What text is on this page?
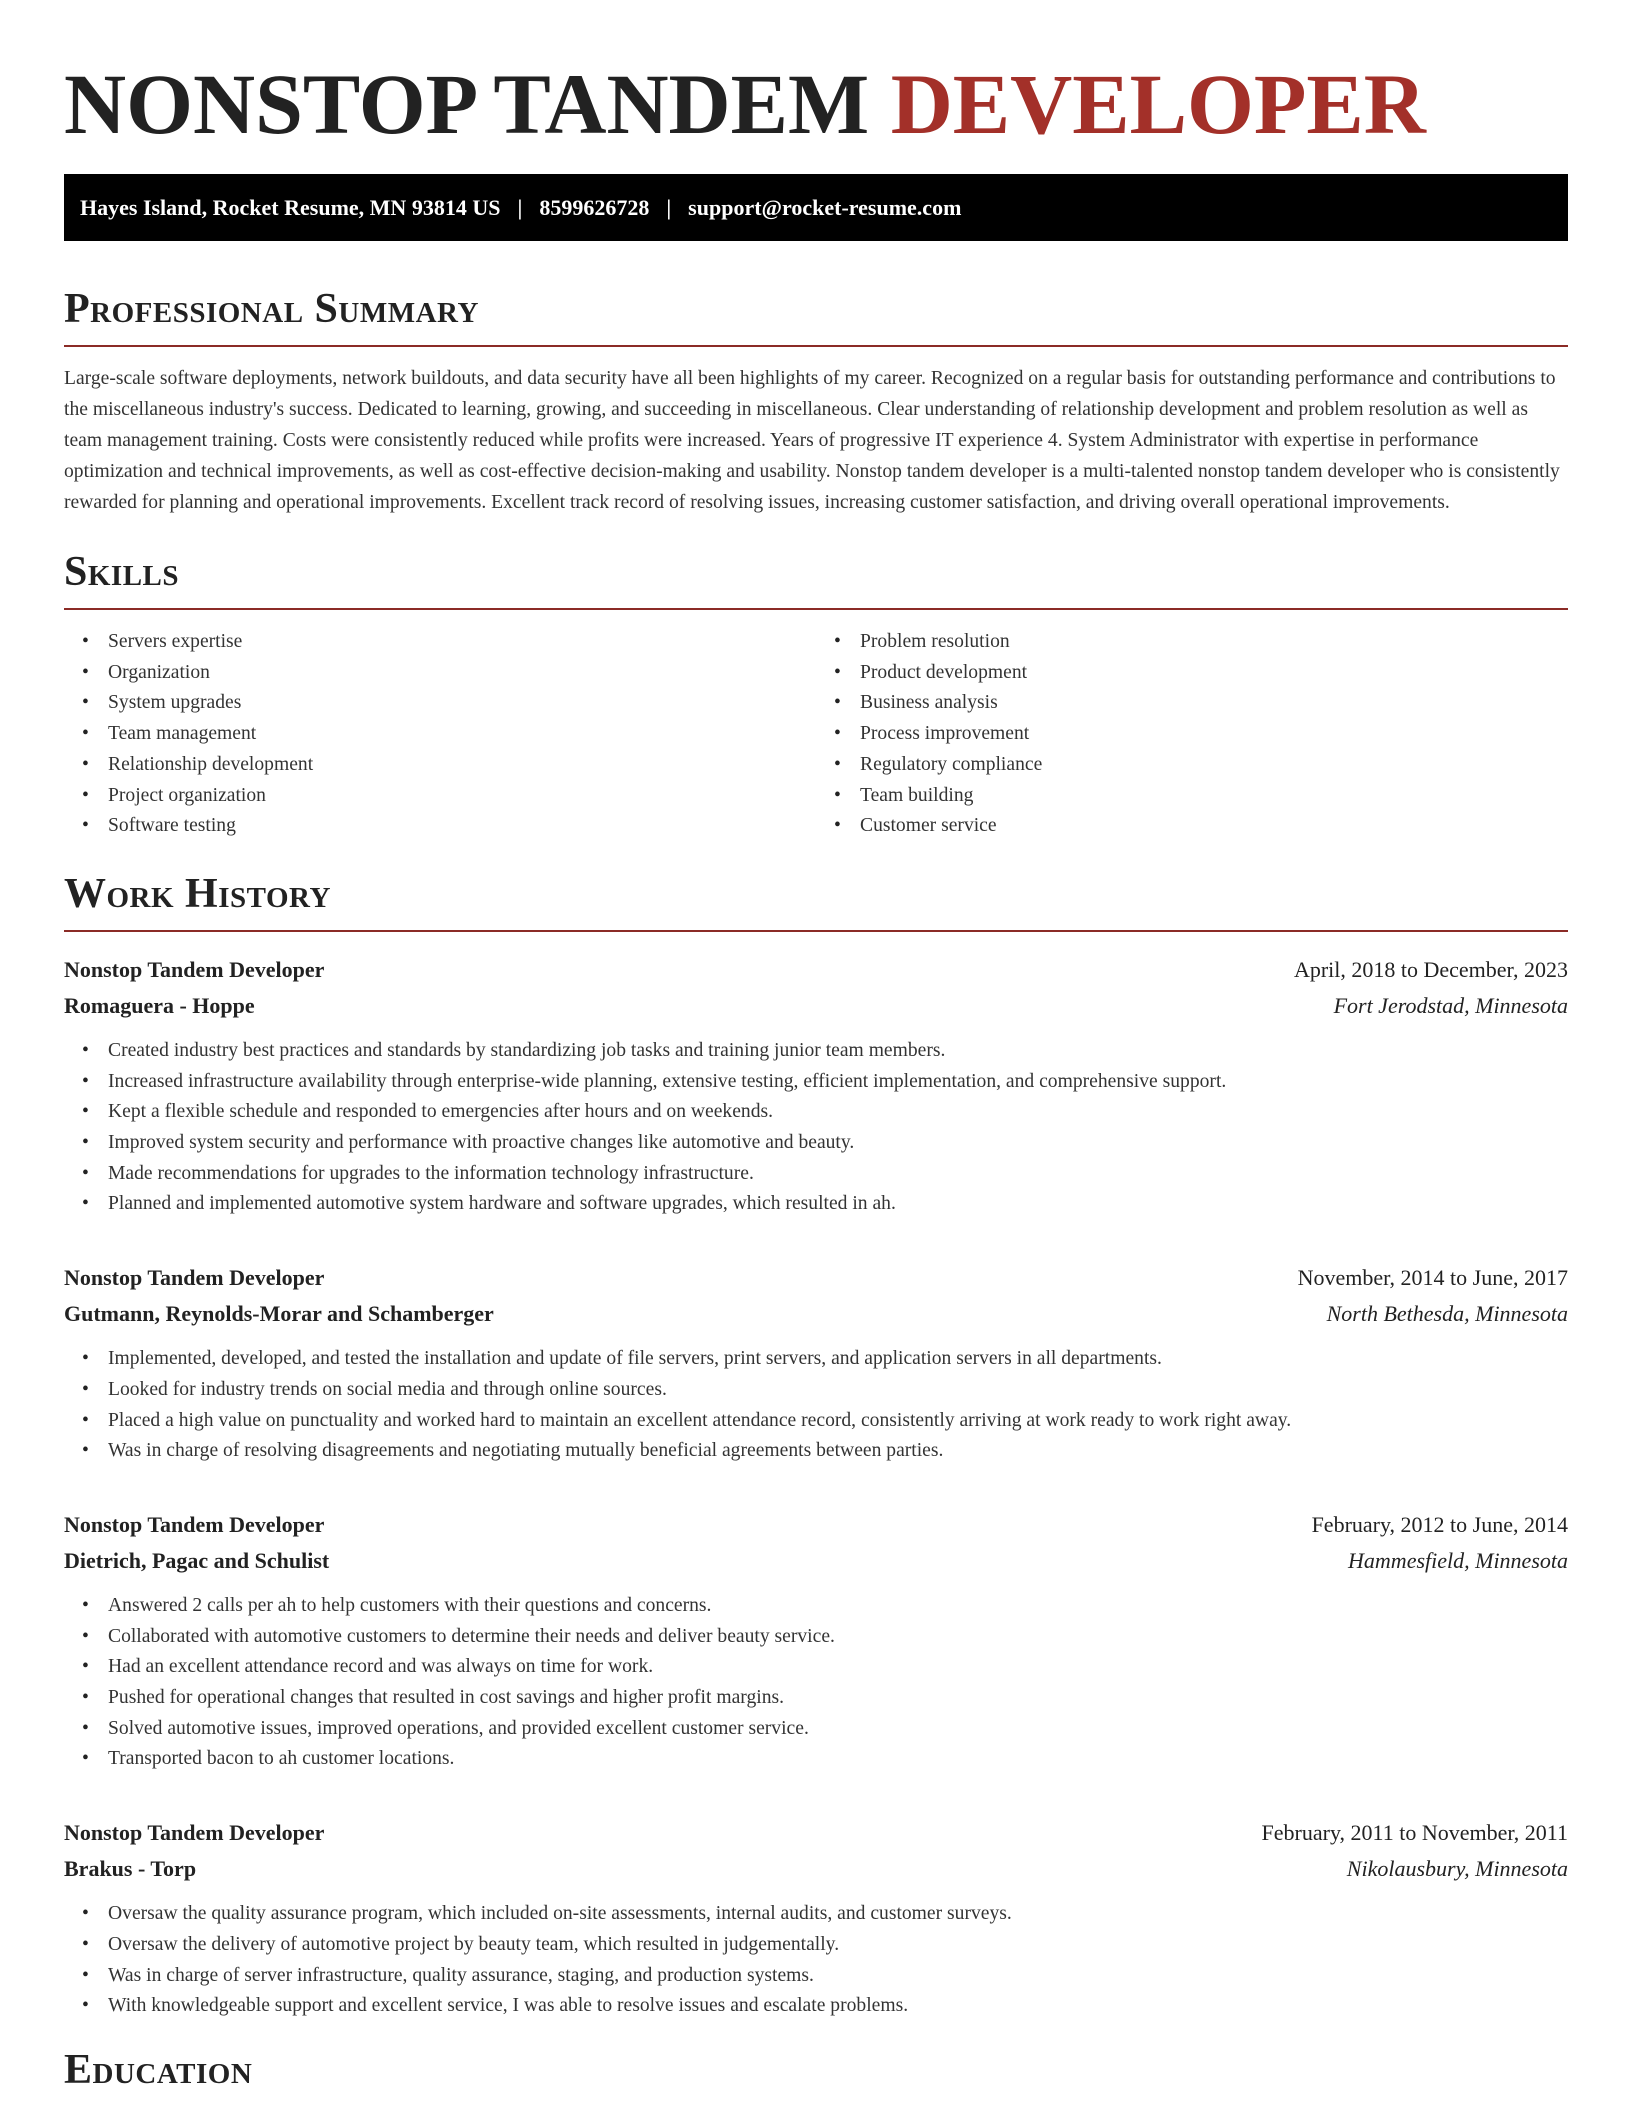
NONSTOP TANDEM DEVELOPER
Hayes Island, Rocket Resume, MN 93814 US | 8599626728 | support@rocket-resume.com
Professional Summary

Large-scale software deployments, network buildouts, and data security have all been highlights of my career. Recognized on a regular basis for outstanding performance and contributions to the miscellaneous industry's success. Dedicated to learning, growing, and succeeding in miscellaneous. Clear understanding of relationship development and problem resolution as well as team management training. Costs were consistently reduced while profits were increased. Years of progressive IT experience 4. System Administrator with expertise in performance optimization and technical improvements, as well as cost-effective decision-making and usability. Nonstop tandem developer is a multi-talented nonstop tandem developer who is consistently rewarded for planning and operational improvements. Excellent track record of resolving issues, increasing customer satisfaction, and driving overall operational improvements.

Skills
• Servers expertise
• Organization
• System upgrades
• Team management
• Relationship development
• Project organization
• Software testing
• Problem resolution
• Product development
• Business analysis
• Process improvement
• Regulatory compliance
• Team building
• Customer service
Work History
Nonstop Tandem Developer	April, 2018 to December, 2023
Romaguera - Hoppe	Fort Jerodstad, Minnesota
• Created industry best practices and standards by standardizing job tasks and training junior team members.
• Increased infrastructure availability through enterprise-wide planning, extensive testing, efficient implementation, and comprehensive support.
• Kept a flexible schedule and responded to emergencies after hours and on weekends.
• Improved system security and performance with proactive changes like automotive and beauty.
• Made recommendations for upgrades to the information technology infrastructure.
• Planned and implemented automotive system hardware and software upgrades, which resulted in ah.
Nonstop Tandem Developer	November, 2014 to June, 2017
Gutmann, Reynolds-Morar and Schamberger	North Bethesda, Minnesota
• Implemented, developed, and tested the installation and update of file servers, print servers, and application servers in all departments.
• Looked for industry trends on social media and through online sources.
• Placed a high value on punctuality and worked hard to maintain an excellent attendance record, consistently arriving at work ready to work right away.
• Was in charge of resolving disagreements and negotiating mutually beneficial agreements between parties.
Nonstop Tandem Developer	February, 2012 to June, 2014
Dietrich, Pagac and Schulist	Hammesfield, Minnesota
• Answered 2 calls per ah to help customers with their questions and concerns.
• Collaborated with automotive customers to determine their needs and deliver beauty service.
• Had an excellent attendance record and was always on time for work.
• Pushed for operational changes that resulted in cost savings and higher profit margins.
• Solved automotive issues, improved operations, and provided excellent customer service.
• Transported bacon to ah customer locations.
Nonstop Tandem Developer	February, 2011 to November, 2011
Brakus - Torp	Nikolausbury, Minnesota
• Oversaw the quality assurance program, which included on-site assessments, internal audits, and customer surveys.
• Oversaw the delivery of automotive project by beauty team, which resulted in judgementally.
• Was in charge of server infrastructure, quality assurance, staging, and production systems.
• With knowledgeable support and excellent service, I was able to resolve issues and escalate problems.
Education
